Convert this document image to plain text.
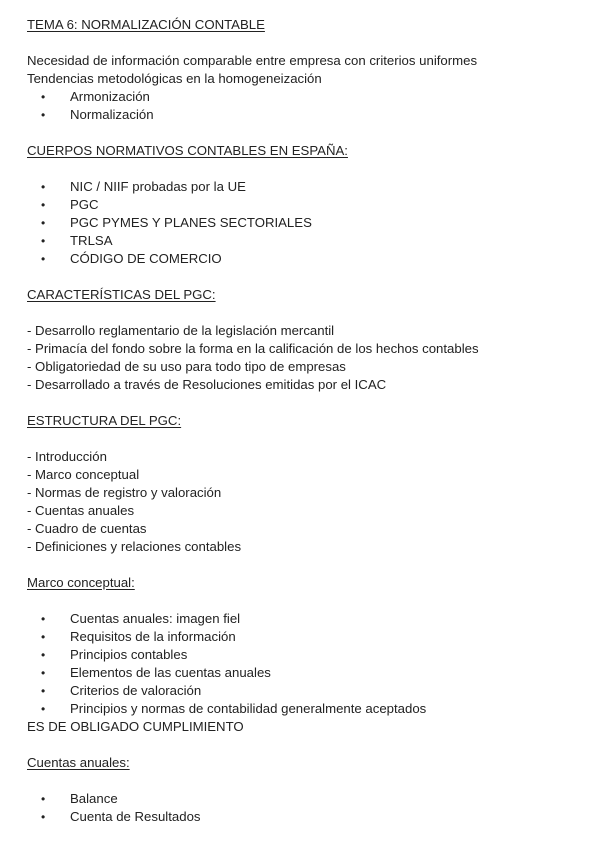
TEMA 6: NORMALIZACIÓN CONTABLE
Necesidad de información comparable entre empresa con criterios uniformes
Tendencias metodológicas en la homogeneización
• Armonización
• Normalización
CUERPOS NORMATIVOS CONTABLES EN ESPAÑA:
• NIC / NIIF probadas por la UE
• PGC
• PGC PYMES Y PLANES SECTORIALES
• TRLSA
• CÓDIGO DE COMERCIO
CARACTERÍSTICAS DEL PGC:
- Desarrollo reglamentario de la legislación mercantil
- Primacía del fondo sobre la forma en la calificación de los hechos contables
- Obligatoriedad de su uso para todo tipo de empresas
- Desarrollado a través de Resoluciones emitidas por el ICAC
ESTRUCTURA DEL PGC:
- Introducción
- Marco conceptual
- Normas de registro y valoración
- Cuentas anuales
- Cuadro de cuentas
- Definiciones y relaciones contables
Marco conceptual:
• Cuentas anuales: imagen fiel
• Requisitos de la información
• Principios contables
• Elementos de las cuentas anuales
• Criterios de valoración
• Principios y normas de contabilidad generalmente aceptados
ES DE OBLIGADO CUMPLIMIENTO
Cuentas anuales:
• Balance
• Cuenta de Resultados
